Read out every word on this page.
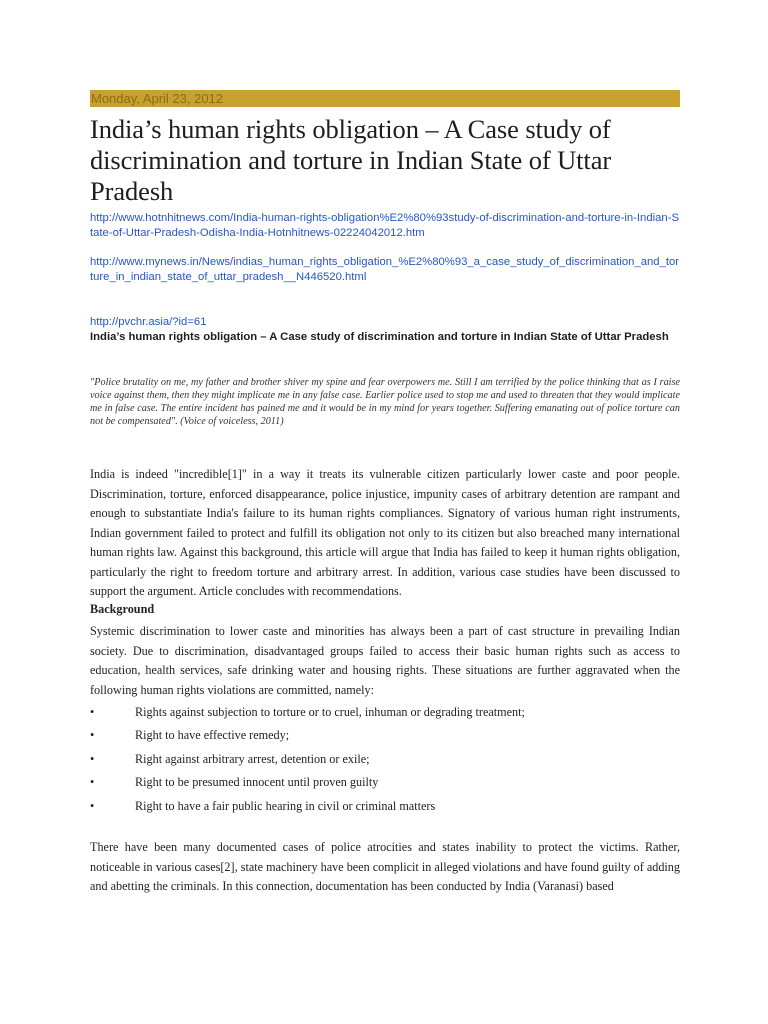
Monday, April 23, 2012
India’s human rights obligation – A Case study of discrimination and torture in Indian State of Uttar Pradesh
http://www.hotnhitnews.com/India-human-rights-obligation%E2%80%93study-of-discrimination-and-torture-in-Indian-State-of-Uttar-Pradesh-Odisha-India-Hotnhitnews-02224042012.htm
http://www.mynews.in/News/indias_human_rights_obligation_%E2%80%93_a_case_study_of_discrimination_and_torture_in_indian_state_of_uttar_pradesh__N446520.html
http://pvchr.asia/?id=61
India’s human rights obligation – A Case study of discrimination and torture in Indian State of Uttar Pradesh
"Police brutality on me, my father and brother shiver my spine and fear overpowers me. Still I am terrified by the police thinking that as I raise voice against them, then they might implicate me in any false case. Earlier police used to stop me and used to threaten that they would implicate me in false case. The entire incident has pained me and it would be in my mind for years together. Suffering emanating out of police torture can not be compensated". (Voice of voiceless, 2011)

India is indeed "incredible[1]" in a way it treats its vulnerable citizen particularly lower caste and poor people. Discrimination, torture, enforced disappearance, police injustice, impunity cases of arbitrary detention are rampant and enough to substantiate India's failure to its human rights compliances. Signatory of various human right instruments, Indian government failed to protect and fulfill its obligation not only to its citizen but also breached many international human rights law. Against this background, this article will argue that India has failed to keep it human rights obligation, particularly the right to freedom torture and arbitrary arrest. In addition, various case studies have been discussed to support the argument. Article concludes with recommendations.

Background

Systemic discrimination to lower caste and minorities has always been a part of cast structure in prevailing Indian society. Due to discrimination, disadvantaged groups failed to access their basic human rights such as access to education, health services, safe drinking water and housing rights. These situations are further aggravated when the following human rights violations are committed, namely:

•	Rights against subjection to torture or to cruel, inhuman or degrading treatment;
•	Right to have effective remedy;
•	Right against arbitrary arrest, detention or exile;
•	Right to be presumed innocent until proven guilty
•	Right to have a fair public hearing in civil or criminal matters

There have been many documented cases of police atrocities and states inability to protect the victims. Rather, noticeable in various cases[2], state machinery have been complicit in alleged violations and have found guilty of adding and abetting the criminals. In this connection, documentation has been conducted by India (Varanasi) based
